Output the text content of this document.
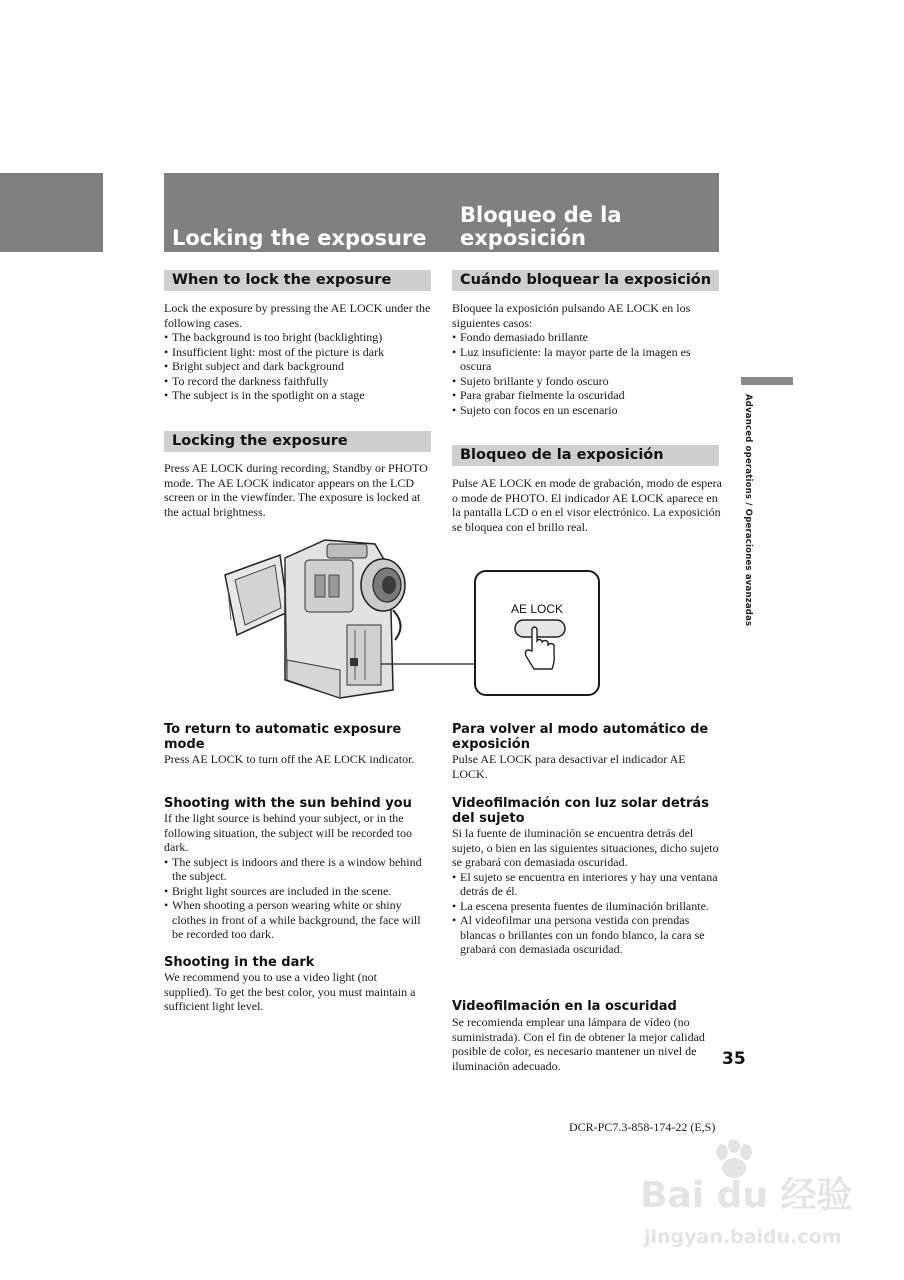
Locking the exposure
Bloqueo de la
exposición
When to lock the exposure

Lock the exposure by pressing the AE LOCK under the following cases.

• The background is too bright (backlighting)
• Insufficient light: most of the picture is dark
• Bright subject and dark background
• To record the darkness faithfully
• The subject is in the spotlight on a stage
Locking the exposure
Press AE LOCK during recording, Standby or PHOTO mode. The AE LOCK indicator appears on the LCD screen or in the viewfinder. The exposure is locked at the actual brightness.
AE LOCK
To return to automatic exposure mode
Press AE LOCK to turn off the AE LOCK indicator.
Shooting with the sun behind you

If the light source is behind your subject, or in the following situation, the subject will be recorded too dark.

• The subject is indoors and there is a window behind the subject.
• Bright light sources are included in the scene.
• When shooting a person wearing white or shiny clothes in front of a while background, the face will be recorded too dark.
Shooting in the dark
We recommend you to use a video light (not supplied). To get the best color, you must maintain a sufficient light level.
Cuándo bloquear la exposición

Bloquee la exposición pulsando AE LOCK en los siguientes casos:

• Fondo demasiado brillante
• Luz insuficiente: la mayor parte de la imagen es oscura
• Sujeto brillante y fondo oscuro
• Para grabar fielmente la oscuridad
• Sujeto con focos en un escenario
Bloqueo de la exposición
Pulse AE LOCK en mode de grabación, modo de espera o mode de PHOTO. El indicador AE LOCK aparece en la pantalla LCD o en el visor electrónico. La exposición se bloquea con el brillo real.
Para volver al modo automático de exposición
Pulse AE LOCK para desactivar el indicador AE LOCK.
Videofilmación con luz solar detrás del sujeto

Si la fuente de iluminación se encuentra detrás del sujeto, o bien en las siguientes situaciones, dicho sujeto se grabará con demasiada oscuridad.

• El sujeto se encuentra en interiores y hay una ventana detrás de él.
• La escena presenta fuentes de iluminación brillante.
• Al videofilmar una persona vestida con prendas blancas o brillantes con un fondo blanco, la cara se grabará con demasiada oscuridad.
Videofilmación en la oscuridad
Se recomienda emplear una lámpara de vídeo (no suministrada). Con el fin de obtener la mejor calidad posible de color, es necesario mantener un nivel de iluminación adecuado.
Advanced operations / Operaciones avanzadas
35
DCR-PC7.3-858-174-22 (E,S)
Bai du 经验
jingyan.baidu.com
